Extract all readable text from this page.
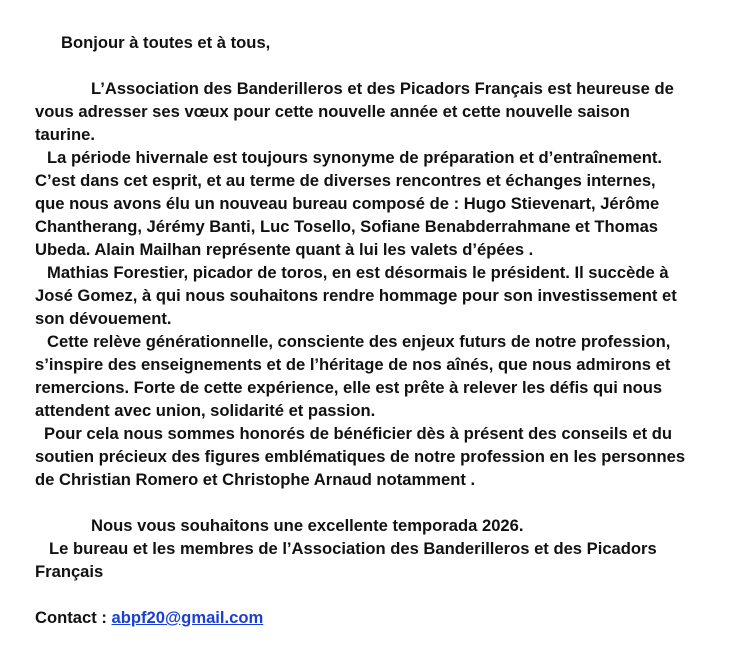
Bonjour à toutes et à tous,
L’Association des Banderilleros et des Picadors Français est heureuse de
vous adresser ses vœux pour cette nouvelle année et cette nouvelle saison
taurine.
La période hivernale est toujours synonyme de préparation et d’entraînement.
C’est dans cet esprit, et au terme de diverses rencontres et échanges internes,
que nous avons élu un nouveau bureau composé de : Hugo Stievenart, Jérôme
Chantherang, Jérémy Banti, Luc Tosello, Sofiane Benabderrahmane et Thomas
Ubeda. Alain Mailhan représente quant à lui les valets d’épées .
Mathias Forestier, picador de toros, en est désormais le président. Il succède à
José Gomez, à qui nous souhaitons rendre hommage pour son investissement et
son dévouement.
Cette relève générationnelle, consciente des enjeux futurs de notre profession,
s’inspire des enseignements et de l’héritage de nos aînés, que nous admirons et
remercions. Forte de cette expérience, elle est prête à relever les défis qui nous
attendent avec union, solidarité et passion.
Pour cela nous sommes honorés de bénéficier dès à présent des conseils et du
soutien précieux des figures emblématiques de notre profession en les personnes
de Christian Romero et Christophe Arnaud notamment .
Nous vous souhaitons une excellente temporada 2026.
Le bureau et les membres de l’Association des Banderilleros et des Picadors
Français
Contact : abpf20@gmail.com
